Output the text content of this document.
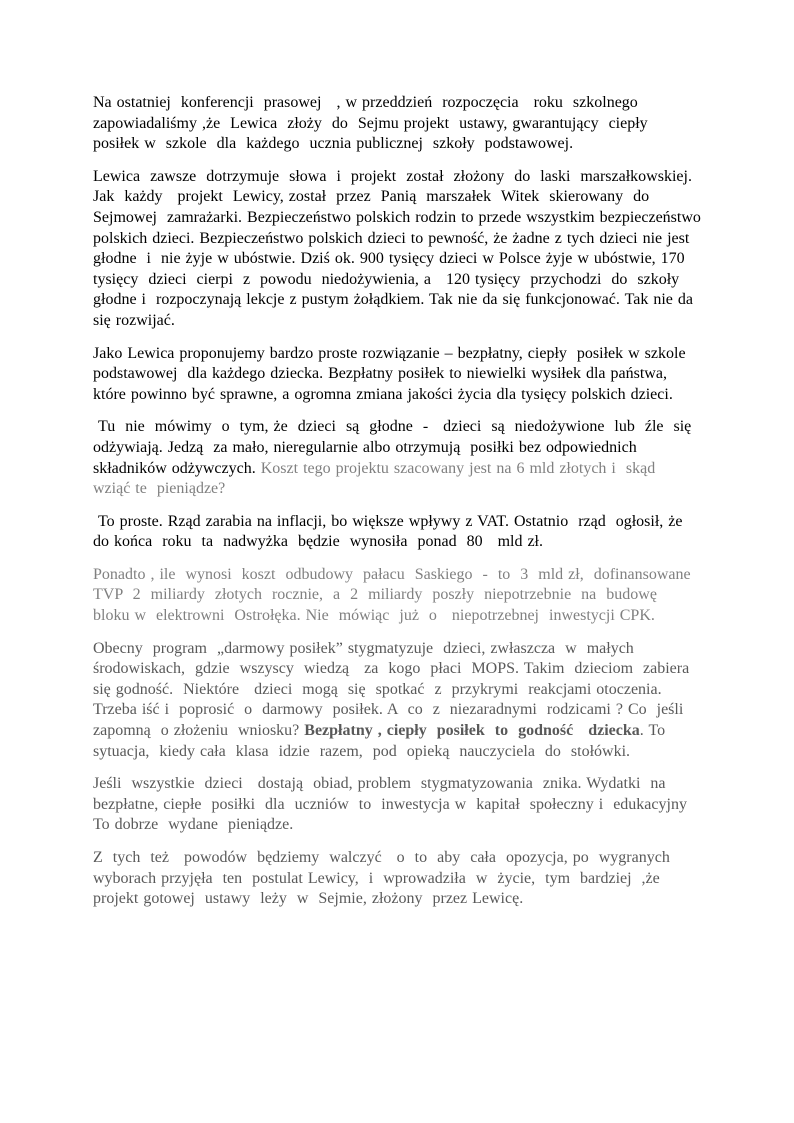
Na ostatniej  konferencji  prasowej   , w przeddzień  rozpoczęcia   roku  szkolnego zapowiadaliśmy ,że  Lewica  złoży  do  Sejmu projekt  ustawy, gwarantujący  ciepły  posiłek w  szkole  dla  każdego  ucznia publicznej  szkoły  podstawowej.

Lewica  zawsze  dotrzymuje  słowa  i  projekt  został  złożony  do  laski  marszałkowskiej. Jak  każdy   projekt  Lewicy, został  przez  Panią  marszałek  Witek  skierowany  do Sejmowej  zamrażarki. Bezpieczeństwo polskich rodzin to przede wszystkim bezpieczeństwo polskich dzieci. Bezpieczeństwo polskich dzieci to pewność, że żadne z tych dzieci nie jest głodne  i  nie żyje w ubóstwie. Dziś ok. 900 tysięcy dzieci w Polsce żyje w ubóstwie, 170 tysięcy  dzieci  cierpi  z  powodu  niedożywienia, a   120 tysięcy  przychodzi  do  szkoły głodne i  rozpoczynają lekcje z pustym żołądkiem. Tak nie da się funkcjonować. Tak nie da się rozwijać.

Jako Lewica proponujemy bardzo proste rozwiązanie – bezpłatny, ciepły  posiłek w szkole podstawowej  dla każdego dziecka. Bezpłatny posiłek to niewielki wysiłek dla państwa, które powinno być sprawne, a ogromna zmiana jakości życia dla tysięcy polskich dzieci.

Tu  nie  mówimy  o  tym, że  dzieci  są  głodne  -   dzieci  są  niedożywione  lub  źle  się odżywiają. Jedzą  za mało, nieregularnie albo otrzymują  posiłki bez odpowiednich składników odżywczych. Koszt tego projektu szacowany jest na 6 mld złotych i  skąd  wziąć te  pieniądze?

To proste. Rząd zarabia na inflacji, bo większe wpływy z VAT. Ostatnio  rząd  ogłosił, że  do końca  roku  ta  nadwyżka  będzie  wynosiła  ponad  80   mld zł.

Ponadto , ile  wynosi  koszt  odbudowy  pałacu  Saskiego  -  to  3  mld zł,  dofinansowane TVP  2  miliardy  złotych  rocznie,  a  2  miliardy  poszły  niepotrzebnie  na  budowę  bloku w  elektrowni  Ostrołęka. Nie  mówiąc  już  o   niepotrzebnej  inwestycji CPK.

Obecny  program  „darmowy posiłek” stygmatyzuje  dzieci, zwłaszcza  w  małych środowiskach,  gdzie  wszyscy  wiedzą   za  kogo  płaci  MOPS. Takim  dzieciom  zabiera  się godność.  Niektóre   dzieci  mogą  się  spotkać  z  przykrymi  reakcjami otoczenia. Trzeba iść i  poprosić  o  darmowy  posiłek. A  co  z  niezaradnymi  rodzicami ? Co  jeśli   zapomną  o złożeniu  wniosku? Bezpłatny , ciepły  posiłek  to  godność   dziecka. To  sytuacja,  kiedy cała  klasa  idzie  razem,  pod  opieką  nauczyciela  do  stołówki.

Jeśli  wszystkie  dzieci   dostają  obiad, problem  stygmatyzowania  znika. Wydatki  na bezpłatne, ciepłe  posiłki  dla  uczniów  to  inwestycja w  kapitał  społeczny i  edukacyjny To dobrze  wydane  pieniądze.

Z  tych  też   powodów  będziemy  walczyć   o  to  aby  cała  opozycja, po  wygranych wyborach przyjęła  ten  postulat Lewicy,  i  wprowadziła  w  życie,  tym  bardziej  ,że  projekt gotowej  ustawy  leży  w  Sejmie, złożony  przez Lewicę.
